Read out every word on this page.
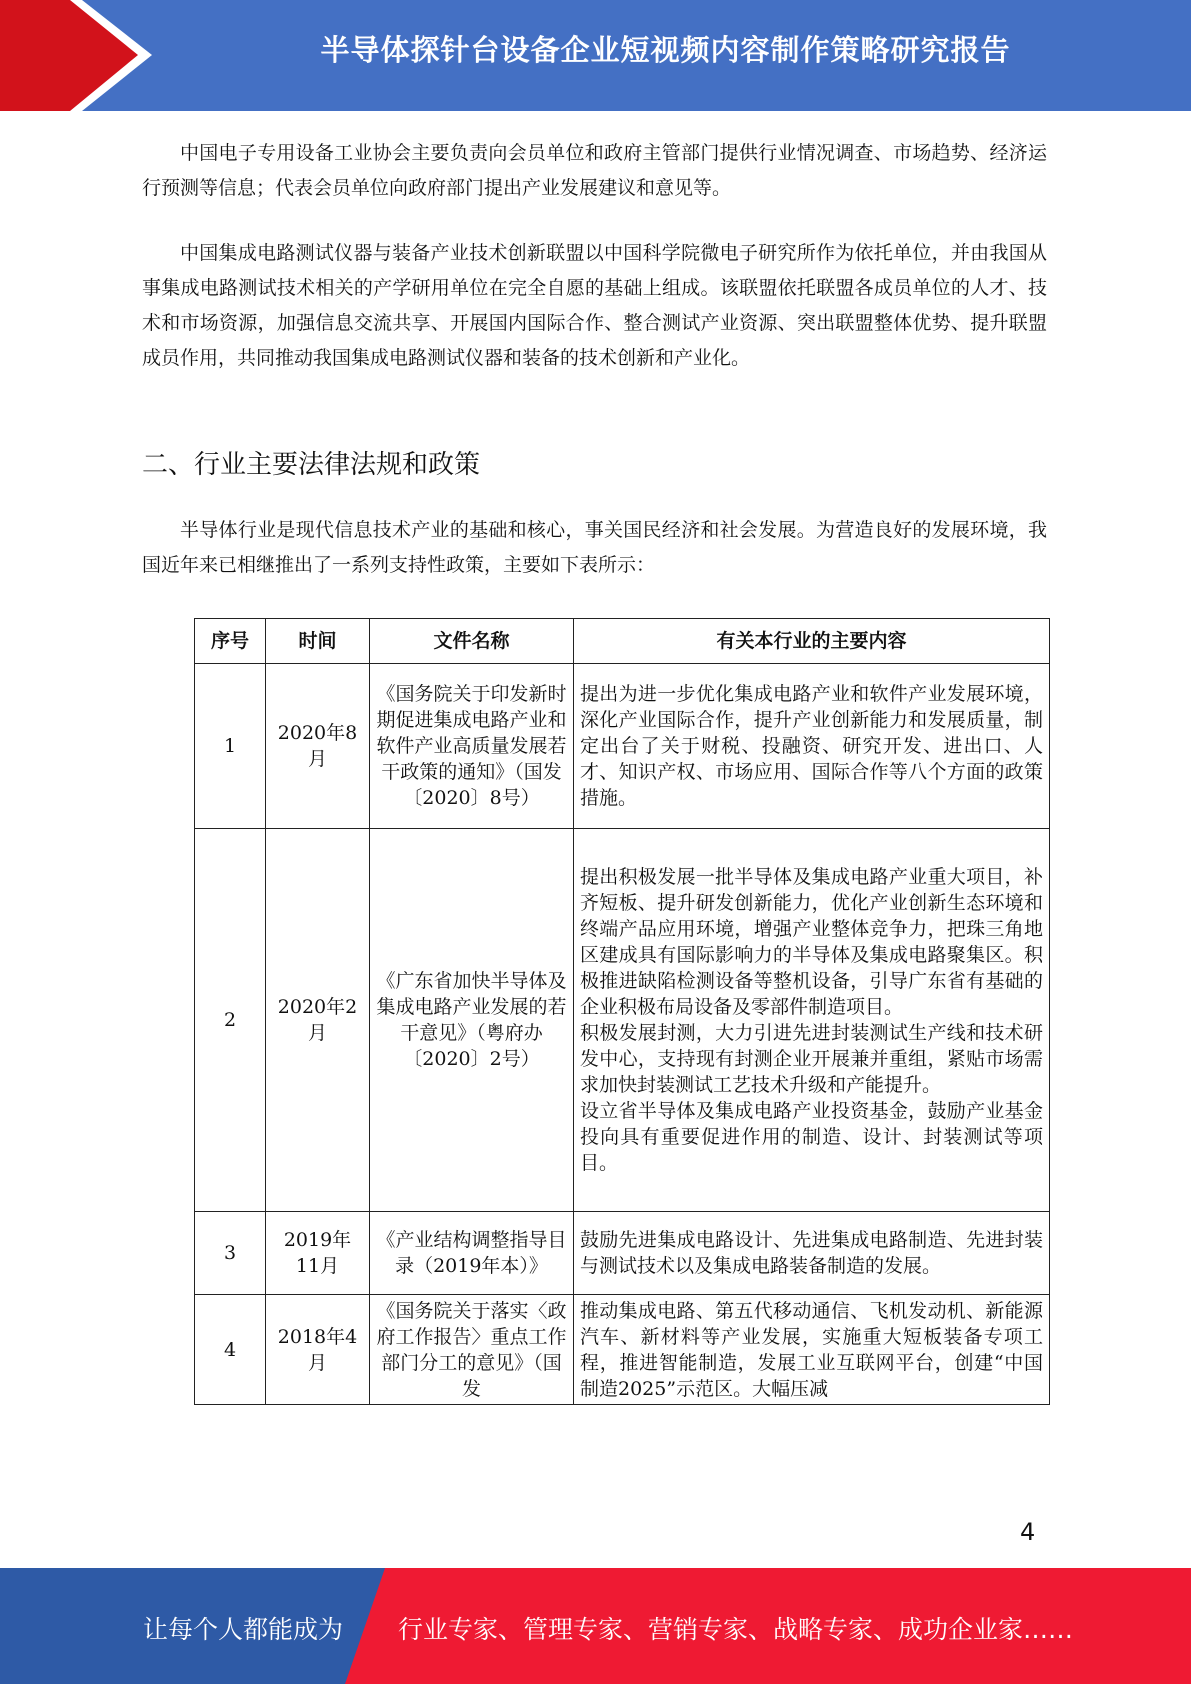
半导体探针台设备企业短视频内容制作策略研究报告

中国电子专用设备工业协会主要负责向会员单位和政府主管部门提供行业情况调查、市场趋势、经济运行预测等信息；代表会员单位向政府部门提出产业发展建议和意见等。

中国集成电路测试仪器与装备产业技术创新联盟以中国科学院微电子研究所作为依托单位，并由我国从事集成电路测试技术相关的产学研用单位在完全自愿的基础上组成。该联盟依托联盟各成员单位的人才、技术和市场资源，加强信息交流共享、开展国内国际合作、整合测试产业资源、突出联盟整体优势、提升联盟成员作用，共同推动我国集成电路测试仪器和装备的技术创新和产业化。

二、行业主要法律法规和政策

半导体行业是现代信息技术产业的基础和核心，事关国民经济和社会发展。为营造良好的发展环境，我国近年来已相继推出了一系列支持性政策，主要如下表所示：

序号	时间	文件名称	有关本行业的主要内容
1	2020年8月	《国务院关于印发新时期促进集成电路产业和软件产业高质量发展若干政策的通知》（国发〔2020〕8号）	提出为进一步优化集成电路产业和软件产业发展环境，深化产业国际合作，提升产业创新能力和发展质量，制定出台了关于财税、投融资、研究开发、进出口、人才、知识产权、市场应用、国际合作等八个方面的政策措施。

2	2020年2月	《广东省加快半导体及集成电路产业发展的若干意见》（粤府办〔2020〕2号）	提出积极发展一批半导体及集成电路产业重大项目，补齐短板、提升研发创新能力，优化产业创新生态环境和终端产品应用环境，增强产业整体竞争力，把珠三角地区建成具有国际影响力的半导体及集成电路聚集区。积极推进缺陷检测设备等整机设备，引导广东省有基础的企业积极布局设备及零部件制造项目。
积极发展封测，大力引进先进封装测试生产线和技术研发中心，支持现有封测企业开展兼并重组，紧贴市场需求加快封装测试工艺技术升级和产能提升。
设立省半导体及集成电路产业投资基金，鼓励产业基金投向具有重要促进作用的制造、设计、封装测试等项目。

3	2019年11月	《产业结构调整指导目录（2019年本）》	鼓励先进集成电路设计、先进集成电路制造、先进封装与测试技术以及集成电路装备制造的发展。

4	2018年4月	《国务院关于落实〈政府工作报告〉重点工作部门分工的意见》（国发	推动集成电路、第五代移动通信、飞机发动机、新能源汽车、新材料等产业发展，实施重大短板装备专项工程，推进智能制造，发展工业互联网平台，创建“中国制造2025”示范区。大幅压减
4
让每个人都能成为 行业专家、管理专家、营销专家、战略专家、成功企业家……
